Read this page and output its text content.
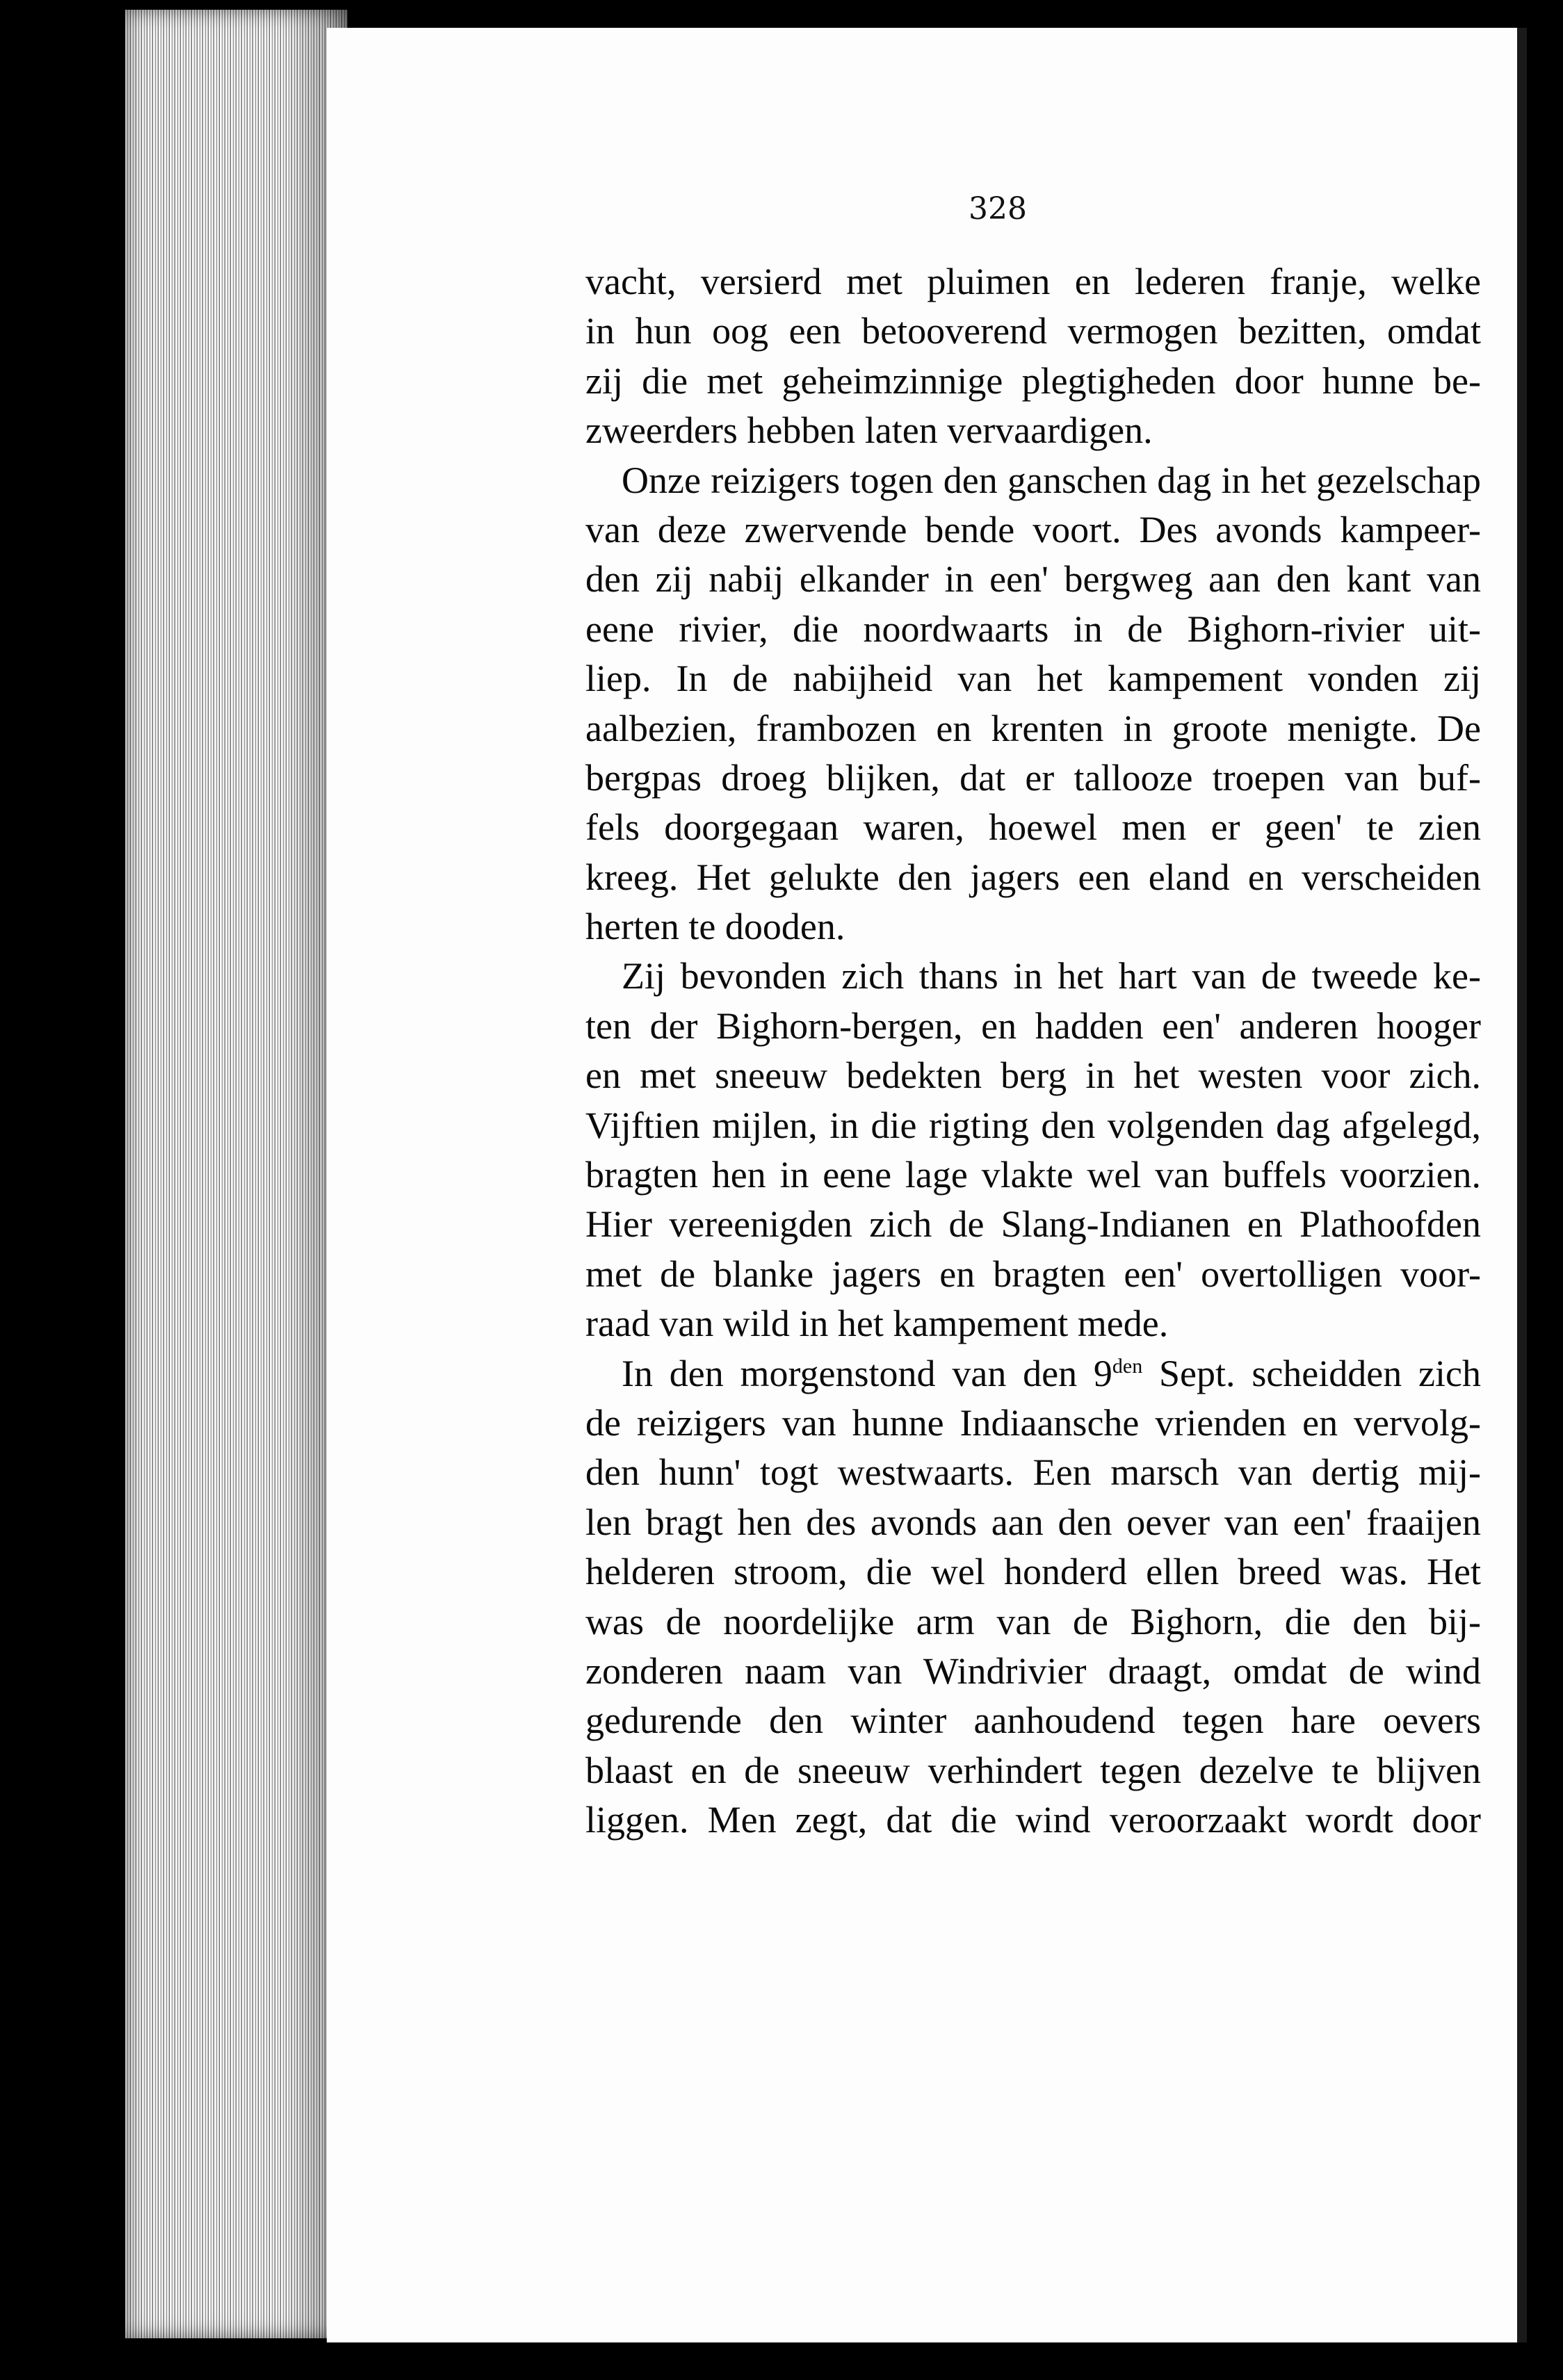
328
vacht, versierd met pluimen en lederen franje, welke
in hun oog een betooverend vermogen bezitten, omdat
zij die met geheimzinnige plegtigheden door hunne be-
zweerders hebben laten vervaardigen.
Onze reizigers togen den ganschen dag in het gezelschap
van deze zwervende bende voort. Des avonds kampeer-
den zij nabij elkander in een' bergweg aan den kant van
eene rivier, die noordwaarts in de Bighorn-rivier uit-
liep. In de nabijheid van het kampement vonden zij
aalbezien, frambozen en krenten in groote menigte. De
bergpas droeg blijken, dat er tallooze troepen van buf-
fels doorgegaan waren, hoewel men er geen' te zien
kreeg. Het gelukte den jagers een eland en verscheiden
herten te dooden.
Zij bevonden zich thans in het hart van de tweede ke-
ten der Bighorn-bergen, en hadden een' anderen hooger
en met sneeuw bedekten berg in het westen voor zich.
Vijftien mijlen, in die rigting den volgenden dag afgelegd,
bragten hen in eene lage vlakte wel van buffels voorzien.
Hier vereenigden zich de Slang-Indianen en Plathoofden
met de blanke jagers en bragten een' overtolligen voor-
raad van wild in het kampement mede.
In den morgenstond van den $9^{den}$ Sept. scheidden zich
de reizigers van hunne Indiaansche vrienden en vervolg-
den hunn' togt westwaarts. Een marsch van dertig mij-
len bragt hen des avonds aan den oever van een' fraaijen
helderen stroom, die wel honderd ellen breed was. Het
was de noordelijke arm van de Bighorn, die den bij-
zonderen naam van Windrivier draagt, omdat de wind
gedurende den winter aanhoudend tegen hare oevers
blaast en de sneeuw verhindert tegen dezelve te blijven
liggen. Men zegt, dat die wind veroorzaakt wordt door
